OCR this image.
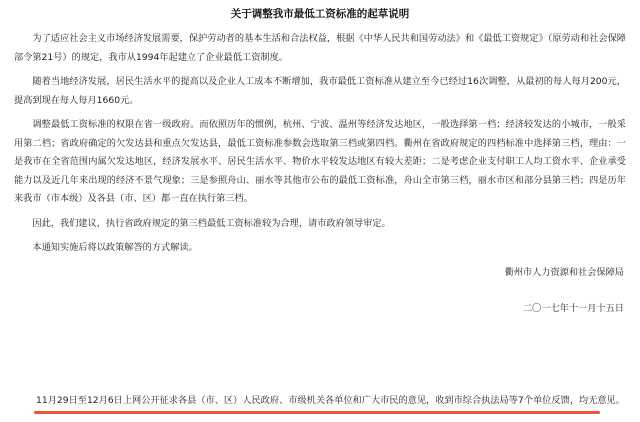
关于调整我市最低工资标准的起草说明

为了适应社会主义市场经济发展需要，保护劳动者的基本生活和合法权益，根据《中华人民共和国劳动法》和《最低工资规定》（原劳动和社会保障部令第21号）的规定，我市从1994年起建立了企业最低工资制度。

随着当地经济发展，居民生活水平的提高以及企业人工成本不断增加，我市最低工资标准从建立至今已经过16次调整，从最初的每人每月200元，提高到现在每人每月1660元。

调整最低工资标准的权限在省一级政府。而依照历年的惯例，杭州、宁波、温州等经济发达地区，一般选择第一档；经济较发达的小城市，一般采用第二档；省政府确定的欠发达县和重点欠发达县，最低工资标准参数会选取第三档或第四档。衢州在省政府规定的四档标准中选择第三档，理由：一是我市在全省范围内属欠发达地区，经济发展水平、居民生活水平、物价水平较发达地区有较大差距；二是考虑企业支付职工人均工资水平、企业承受能力以及近几年来出现的经济不景气现象；三是参照舟山、丽水等其他市公布的最低工资标准，舟山全市第三档，丽水市区和部分县第三档；四是历年来我市（市本级）及各县（市、区）都一直在执行第三档。

因此，我们建议，执行省政府规定的第三档最低工资标准较为合理，请市政府领导审定。

本通知实施后将以政策解答的方式解读。

衢州市人力资源和社会保障局

二〇一七年十一月十五日

11月29日至12月6日上网公开征求各县（市、区）人民政府、市级机关各单位和广大市民的意见，收到市综合执法局等7个单位反馈，均无意见。
